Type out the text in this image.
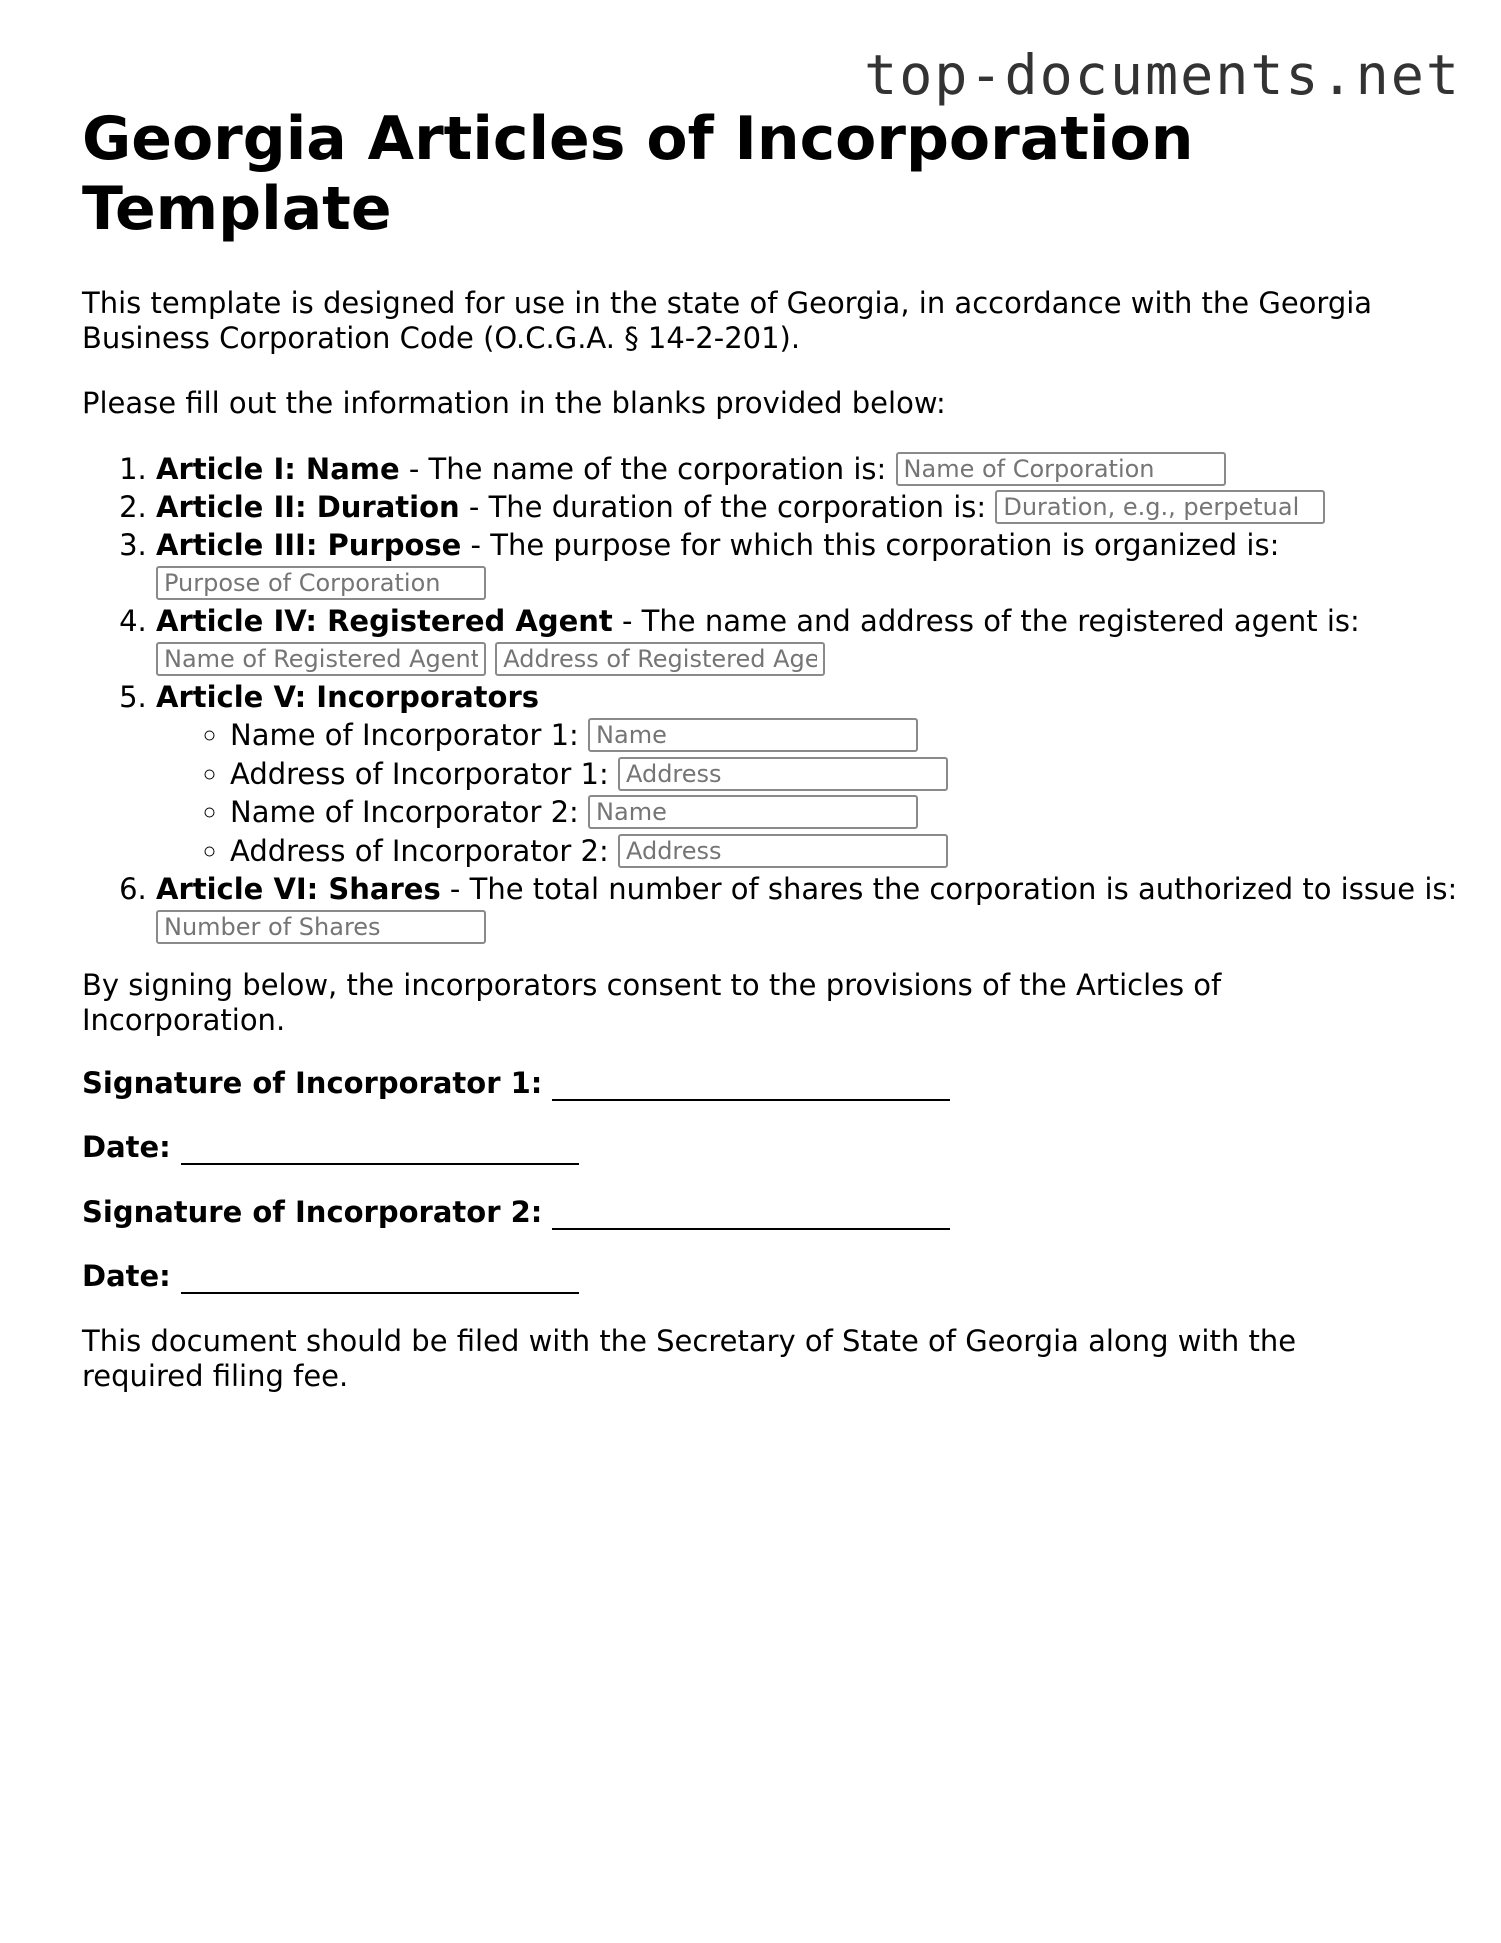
top-documents.net
Georgia Articles of Incorporation Template

This template is designed for use in the state of Georgia, in accordance with the Georgia Business Corporation Code (O.C.G.A. § 14-2-201).

Please fill out the information in the blanks provided below:

1. Article I: Name - The name of the corporation is: Name of Corporation
2. Article II: Duration - The duration of the corporation is: Duration, e.g., perpetual
3. Article III: Purpose - The purpose for which this corporation is organized is:
Purpose of Corporation
4. Article IV: Registered Agent - The name and address of the registered agent is:
Name of Registered Agent Address of Registered Agent
5. Article V: Incorporators
◦ Name of Incorporator 1: Name
◦ Address of Incorporator 1: Address
◦ Name of Incorporator 2: Name
◦ Address of Incorporator 2: Address
6. Article VI: Shares - The total number of shares the corporation is authorized to issue is: Number of Shares

By signing below, the incorporators consent to the provisions of the Articles of Incorporation.

Signature of Incorporator 1:
Date:
Signature of Incorporator 2:
Date:

This document should be filed with the Secretary of State of Georgia along with the required filing fee.
